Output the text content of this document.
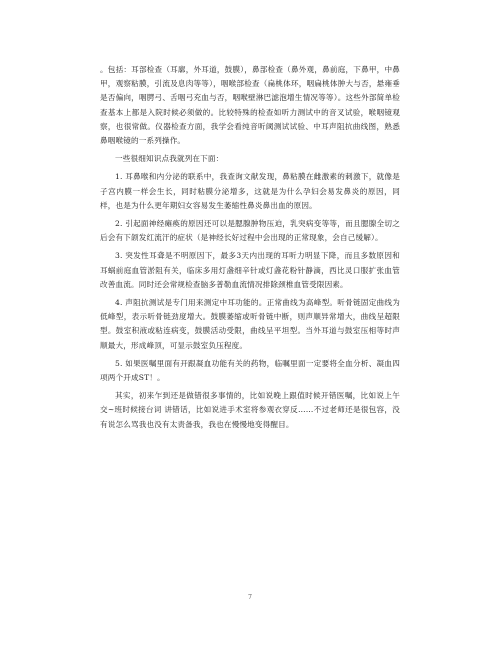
。包括：耳部检查（耳廓，外耳道，鼓膜），鼻部检查（鼻外观，鼻前庭，下鼻甲，中鼻甲，观察粘膜，引流及息肉等等），咽喉部检查（扁桃体环，咽扁桃体肿大与否，悬雍垂是否偏向，咽腭弓、舌咽弓充血与否，咽喉壁淋巴滤泡增生情况等等）。这些外部简单检查基本上都是入院时候必须做的。比较特殊的检查如听力测试中的音叉试验，喉咽镜观察，也很常做。仪器检查方面，我学会看纯音听阈测试试验、中耳声阻抗曲线图，熟悉鼻咽喉镜的一系列操作。

一些很细知识点我就列在下面：

1. 耳鼻喉和内分泌的联系中，我查询文献发现，鼻粘膜在雌激素的刺激下，就像是子宫内膜一样会生长，同时粘膜分泌增多，这就是为什么孕妇会易发鼻炎的原因，同样，也是为什么更年期妇女容易发生萎缩性鼻炎鼻出血的原因。

2. 引起面神经瘫痪的原因还可以是腮腺肿物压迫，乳突病变等等，而且腮腺全切之后会有下颌发红流汗的症状（是神经长好过程中会出现的正常现象，会自己缓解）。

3. 突发性耳聋是不明原因下，最多3天内出现的耳听力明显下降，而且多数原因和耳蜗前庭血管淤阻有关，临床多用灯盏细辛针或灯盏花粉针静滴，西比灵口服扩张血管改善血流。同时还会常规检查脑多普勒血流情况排除颈椎血管受限因素。

4. 声阻抗测试是专门用来测定中耳功能的。正常曲线为高峰型。听骨链固定曲线为低峰型，表示听骨链劲度增大。鼓膜萎缩或听骨链中断，则声顺异常增大，曲线呈超限型。鼓室积液或粘连病变，鼓膜活动受限，曲线呈平坦型。当外耳道与鼓室压相等时声顺最大，形成峰顶，可显示鼓室负压程度。

5. 如果医嘱里面有开跟凝血功能有关的药物，临嘱里面一定要将全血分析、凝血四项两个开成ST！。

其实，初来乍到还是做错很多事情的，比如说晚上跟值时候开错医嘱，比如说上午交~班时候接台词 讲错话，比如说进手术室将参观衣穿反……不过老师还是很包容，没有说怎么骂我也没有太责备我，我也在慢慢地变得醒目。

7
